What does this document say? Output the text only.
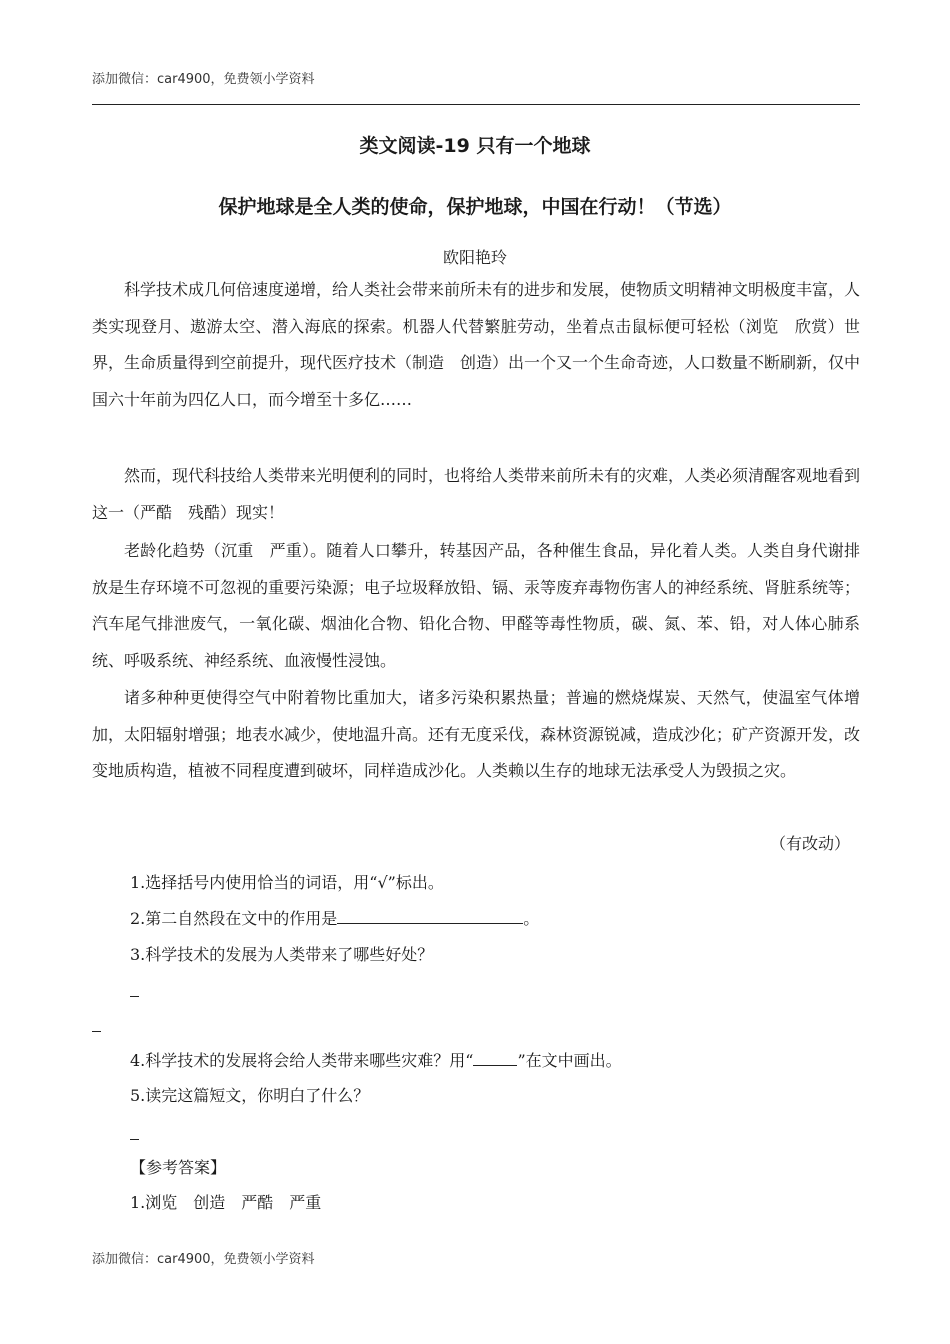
添加微信：car4900，免费领小学资料
类文阅读-19 只有一个地球
保护地球是全人类的使命，保护地球，中国在行动！（节选）
欧阳艳玲

科学技术成几何倍速度递增，给人类社会带来前所未有的进步和发展，使物质文明精神文明极度丰富，人类实现登月、遨游太空、潜入海底的探索。机器人代替繁脏劳动，坐着点击鼠标便可轻松（浏览　欣赏）世界，生命质量得到空前提升，现代医疗技术（制造　创造）出一个又一个生命奇迹，人口数量不断刷新，仅中国六十年前为四亿人口，而今增至十多亿……

然而，现代科技给人类带来光明便利的同时，也将给人类带来前所未有的灾难，人类必须清醒客观地看到这一（严酷　残酷）现实！

老龄化趋势（沉重　严重）。随着人口攀升，转基因产品，各种催生食品，异化着人类。人类自身代谢排放是生存环境不可忽视的重要污染源；电子垃圾释放铅、镉、汞等废弃毒物伤害人的神经系统、肾脏系统等；汽车尾气排泄废气，一氧化碳、烟油化合物、铅化合物、甲醛等毒性物质，碳、氮、苯、铅，对人体心肺系统、呼吸系统、神经系统、血液慢性浸蚀。

诸多种种更使得空气中附着物比重加大，诸多污染积累热量；普遍的燃烧煤炭、天然气，使温室气体增加，太阳辐射增强；地表水减少，使地温升高。还有无度采伐，森林资源锐减，造成沙化；矿产资源开发，改变地质构造，植被不同程度遭到破坏，同样造成沙化。人类赖以生存的地球无法承受人为毁损之灾。

（有改动）
1.选择括号内使用恰当的词语，用“√”标出。
2.第二自然段在文中的作用是	。
3.科学技术的发展为人类带来了哪些好处？
4.科学技术的发展将会给人类带来哪些灾难？用“	”在文中画出。
5.读完这篇短文，你明白了什么？
【参考答案】
1.浏览　创造　严酷　严重
添加微信：car4900，免费领小学资料
